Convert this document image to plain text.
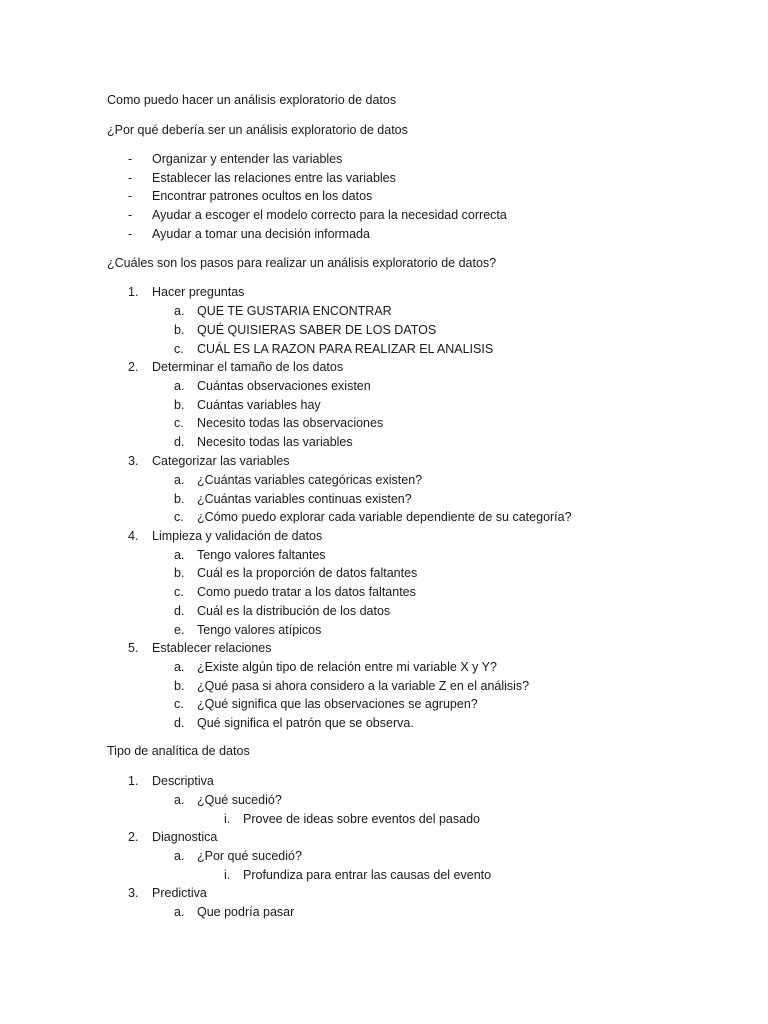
Como puedo hacer un análisis exploratorio de datos
¿Por qué debería ser un análisis exploratorio de datos
- Organizar y entender las variables
- Establecer las relaciones entre las variables
- Encontrar patrones ocultos en los datos
- Ayudar a escoger el modelo correcto para la necesidad correcta
- Ayudar a tomar una decisión informada
¿Cuáles son los pasos para realizar un análisis exploratorio de datos?
1. Hacer preguntas
a. QUE TE GUSTARIA ENCONTRAR
b. QUÉ QUISIERAS SABER DE LOS DATOS
c. CUÁL ES LA RAZON PARA REALIZAR EL ANALISIS
2. Determinar el tamaño de los datos
a. Cuántas observaciones existen
b. Cuántas variables hay
c. Necesito todas las observaciones
d. Necesito todas las variables
3. Categorizar las variables
a. ¿Cuántas variables categóricas existen?
b. ¿Cuántas variables continuas existen?
c. ¿Cómo puedo explorar cada variable dependiente de su categoría?
4. Limpieza y validación de datos
a. Tengo valores faltantes
b. Cuál es la proporción de datos faltantes
c. Como puedo tratar a los datos faltantes
d. Cuál es la distribución de los datos
e. Tengo valores atípicos
5. Establecer relaciones
a. ¿Existe algún tipo de relación entre mi variable X y Y?
b. ¿Qué pasa si ahora considero a la variable Z en el análisis?
c. ¿Qué significa que las observaciones se agrupen?
d. Qué significa el patrón que se observa.
Tipo de analítica de datos
1. Descriptiva
a. ¿Qué sucedió?
i. Provee de ideas sobre eventos del pasado
2. Diagnostica
a. ¿Por qué sucedió?
i. Profundiza para entrar las causas del evento
3. Predictiva
a. Que podría pasar
